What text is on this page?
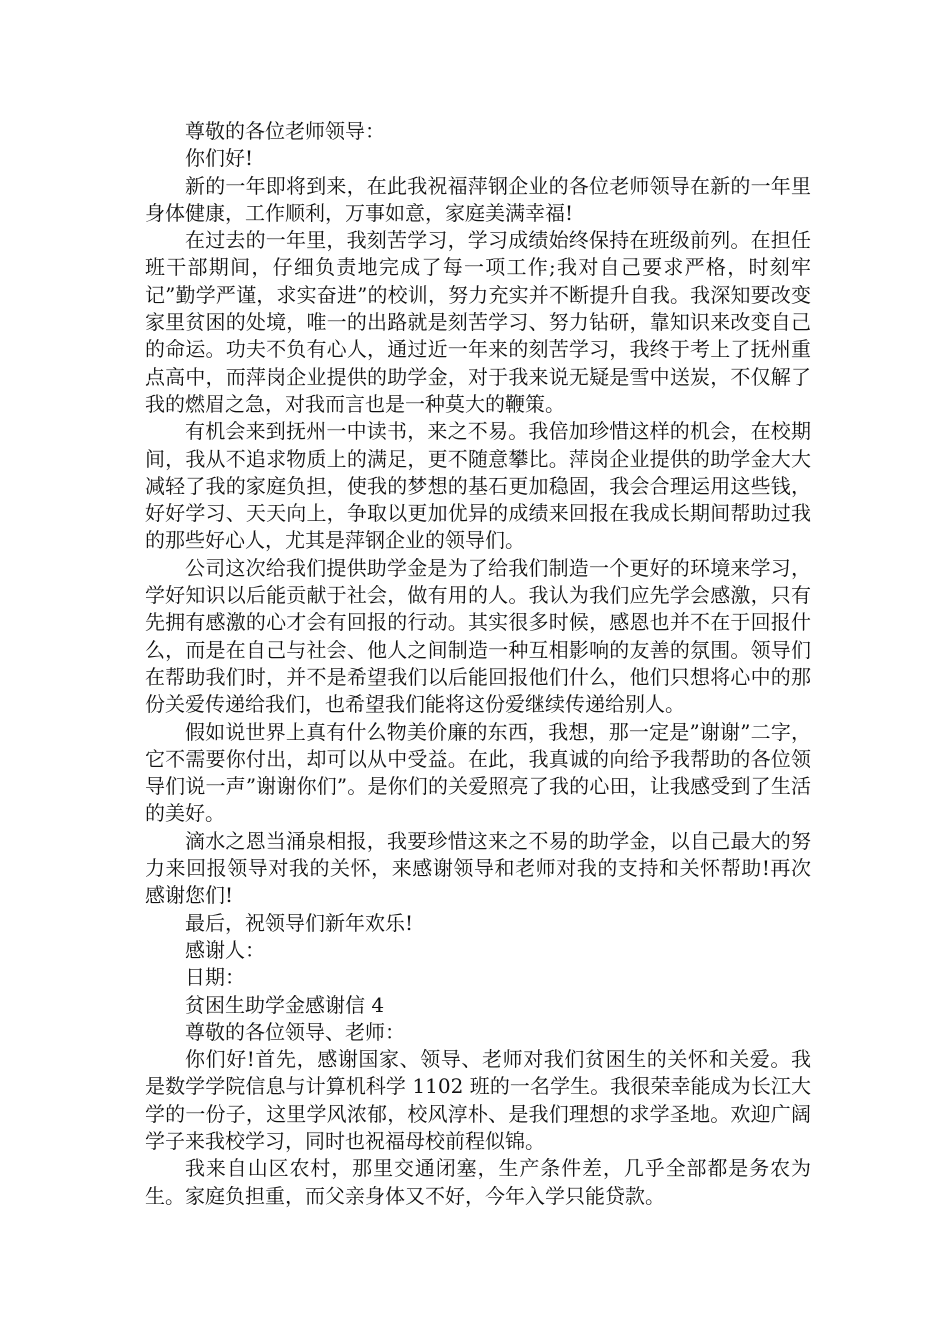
尊敬的各位老师领导：

你们好!

新的一年即将到来，在此我祝福萍钢企业的各位老师领导在新的一年里身体健康，工作顺利，万事如意，家庭美满幸福!

在过去的一年里，我刻苦学习，学习成绩始终保持在班级前列。在担任班干部期间，仔细负责地完成了每一项工作;我对自己要求严格，时刻牢记”勤学严谨，求实奋进”的校训，努力充实并不断提升自我。我深知要改变家里贫困的处境，唯一的出路就是刻苦学习、努力钻研，靠知识来改变自己的命运。功夫不负有心人，通过近一年来的刻苦学习，我终于考上了抚州重点高中，而萍岗企业提供的助学金，对于我来说无疑是雪中送炭，不仅解了我的燃眉之急，对我而言也是一种莫大的鞭策。

有机会来到抚州一中读书，来之不易。我倍加珍惜这样的机会，在校期间，我从不追求物质上的满足，更不随意攀比。萍岗企业提供的助学金大大减轻了我的家庭负担，使我的梦想的基石更加稳固，我会合理运用这些钱，好好学习、天天向上，争取以更加优异的成绩来回报在我成长期间帮助过我的那些好心人，尤其是萍钢企业的领导们。

公司这次给我们提供助学金是为了给我们制造一个更好的环境来学习，学好知识以后能贡献于社会，做有用的人。我认为我们应先学会感激，只有先拥有感激的心才会有回报的行动。其实很多时候，感恩也并不在于回报什么，而是在自己与社会、他人之间制造一种互相影响的友善的氛围。领导们在帮助我们时，并不是希望我们以后能回报他们什么，他们只想将心中的那份关爱传递给我们，也希望我们能将这份爱继续传递给别人。

假如说世界上真有什么物美价廉的东西，我想，那一定是”谢谢”二字，它不需要你付出，却可以从中受益。在此，我真诚的向给予我帮助的各位领导们说一声”谢谢你们”。是你们的关爱照亮了我的心田，让我感受到了生活的美好。

滴水之恩当涌泉相报，我要珍惜这来之不易的助学金，以自己最大的努力来回报领导对我的关怀，来感谢领导和老师对我的支持和关怀帮助!再次感谢您们!

最后，祝领导们新年欢乐!

感谢人：

日期：

贫困生助学金感谢信 4

尊敬的各位领导、老师：

你们好!首先，感谢国家、领导、老师对我们贫困生的关怀和关爱。我是数学学院信息与计算机科学 1102 班的一名学生。我很荣幸能成为长江大学的一份子，这里学风浓郁，校风淳朴、是我们理想的求学圣地。欢迎广阔学子来我校学习，同时也祝福母校前程似锦。

我来自山区农村，那里交通闭塞，生产条件差，几乎全部都是务农为生。家庭负担重，而父亲身体又不好，今年入学只能贷款。
